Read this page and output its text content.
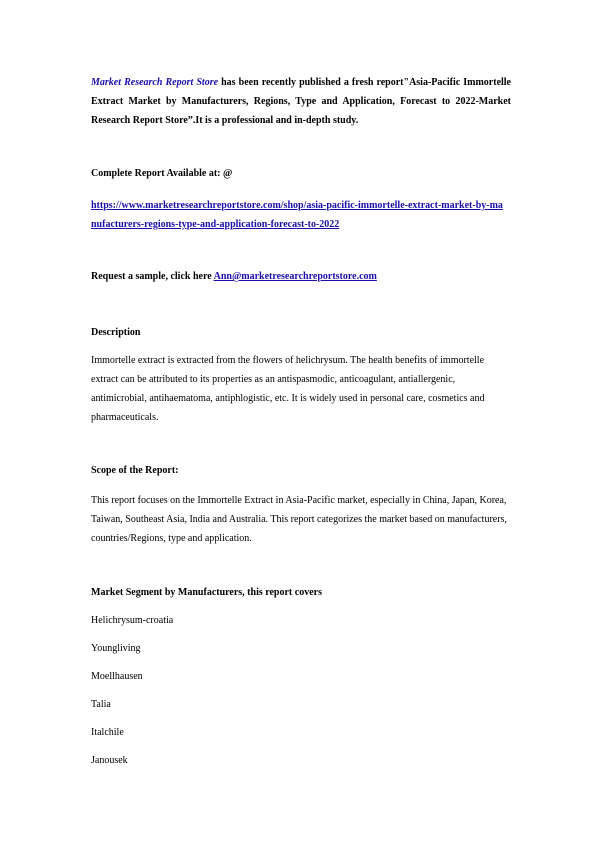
Market Research Report Store has been recently published a fresh report"Asia-Pacific Immortelle Extract Market by Manufacturers, Regions, Type and Application, Forecast to 2022-Market Research Report Store”.It is a professional and in-depth study.
Complete Report Available at: @
https://www.marketresearchreportstore.com/shop/asia-pacific-immortelle-extract-market-by-ma
nufacturers-regions-type-and-application-forecast-to-2022
Request a sample, click here Ann@marketresearchreportstore.com
Description
Immortelle extract is extracted from the flowers of helichrysum. The health benefits of immortelle extract can be attributed to its properties as an antispasmodic, anticoagulant, antiallergenic, antimicrobial, antihaematoma, antiphlogistic, etc. It is widely used in personal care, cosmetics and pharmaceuticals.
Scope of the Report:
This report focuses on the Immortelle Extract in Asia-Pacific market, especially in China, Japan, Korea, Taiwan, Southeast Asia, India and Australia. This report categorizes the market based on manufacturers, countries/Regions, type and application.
Market Segment by Manufacturers, this report covers
Helichrysum-croatia
Youngliving
Moellhausen
Talia
Italchile
Janousek
